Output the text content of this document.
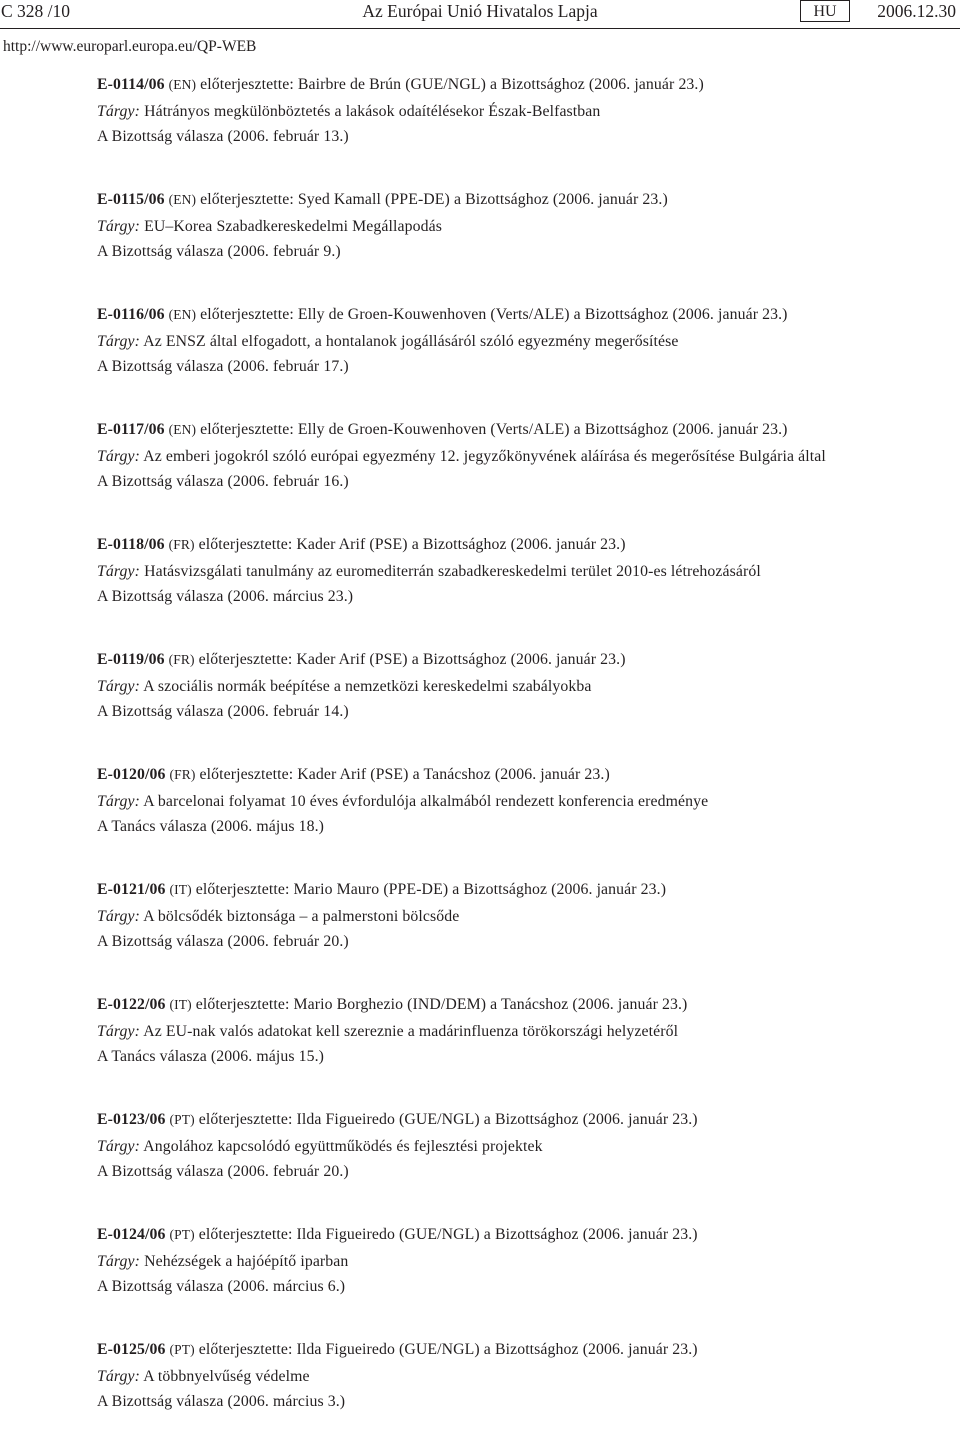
C 328 /10	Az Európai Unió Hivatalos Lapja	HU	2006.12.30
http://www.europarl.europa.eu/QP-WEB
E-0114/06 (EN) előterjesztette: Bairbre de Brún (GUE/NGL) a Bizottsághoz (2006. január 23.)
Tárgy: Hátrányos megkülönböztetés a lakások odaítélésekor Észak-Belfastban
A Bizottság válasza (2006. február 13.)
E-0115/06 (EN) előterjesztette: Syed Kamall (PPE-DE) a Bizottsághoz (2006. január 23.)
Tárgy: EU–Korea Szabadkereskedelmi Megállapodás
A Bizottság válasza (2006. február 9.)
E-0116/06 (EN) előterjesztette: Elly de Groen-Kouwenhoven (Verts/ALE) a Bizottsághoz (2006. január 23.)
Tárgy: Az ENSZ által elfogadott, a hontalanok jogállásáról szóló egyezmény megerősítése
A Bizottság válasza (2006. február 17.)
E-0117/06 (EN) előterjesztette: Elly de Groen-Kouwenhoven (Verts/ALE) a Bizottsághoz (2006. január 23.)
Tárgy: Az emberi jogokról szóló európai egyezmény 12. jegyzőkönyvének aláírása és megerősítése Bulgária által
A Bizottság válasza (2006. február 16.)
E-0118/06 (FR) előterjesztette: Kader Arif (PSE) a Bizottsághoz (2006. január 23.)
Tárgy: Hatásvizsgálati tanulmány az euromediterrán szabadkereskedelmi terület 2010-es létrehozásáról
A Bizottság válasza (2006. március 23.)
E-0119/06 (FR) előterjesztette: Kader Arif (PSE) a Bizottsághoz (2006. január 23.)
Tárgy: A szociális normák beépítése a nemzetközi kereskedelmi szabályokba
A Bizottság válasza (2006. február 14.)
E-0120/06 (FR) előterjesztette: Kader Arif (PSE) a Tanácshoz (2006. január 23.)
Tárgy: A barcelonai folyamat 10 éves évfordulója alkalmából rendezett konferencia eredménye
A Tanács válasza (2006. május 18.)
E-0121/06 (IT) előterjesztette: Mario Mauro (PPE-DE) a Bizottsághoz (2006. január 23.)
Tárgy: A bölcsődék biztonsága – a palmerstoni bölcsőde
A Bizottság válasza (2006. február 20.)
E-0122/06 (IT) előterjesztette: Mario Borghezio (IND/DEM) a Tanácshoz (2006. január 23.)
Tárgy: Az EU-nak valós adatokat kell szereznie a madárinfluenza törökországi helyzetéről
A Tanács válasza (2006. május 15.)
E-0123/06 (PT) előterjesztette: Ilda Figueiredo (GUE/NGL) a Bizottsághoz (2006. január 23.)
Tárgy: Angolához kapcsolódó együttműködés és fejlesztési projektek
A Bizottság válasza (2006. február 20.)
E-0124/06 (PT) előterjesztette: Ilda Figueiredo (GUE/NGL) a Bizottsághoz (2006. január 23.)
Tárgy: Nehézségek a hajóépítő iparban
A Bizottság válasza (2006. március 6.)
E-0125/06 (PT) előterjesztette: Ilda Figueiredo (GUE/NGL) a Bizottsághoz (2006. január 23.)
Tárgy: A többnyelvűség védelme
A Bizottság válasza (2006. március 3.)
